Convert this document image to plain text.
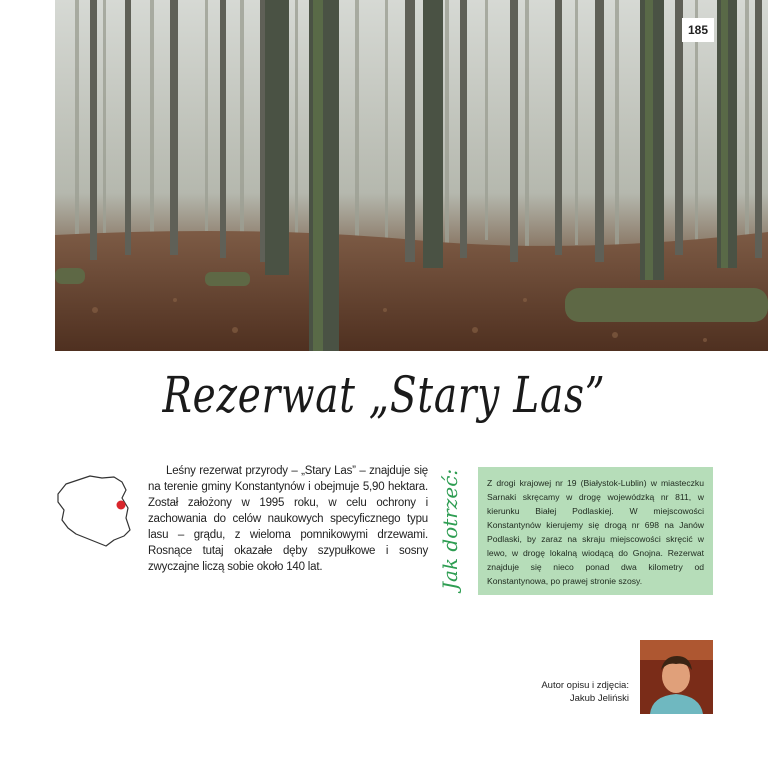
185
Rezerwat „Stary Las”
Leśny rezerwat przyrody – „Stary Las” – znajduje się na terenie gminy Konstantynów i obejmuje 5,90 hektara. Został założony w 1995 roku, w celu ochrony i zachowania do celów naukowych specyficznego typu lasu – grądu, z wieloma pomnikowymi drzewami. Rosnące tutaj okazałe dęby szypułkowe i sosny zwyczajne liczą sobie około 140 lat.	Jak dotrzeć:	Z drogi krajowej nr 19 (Białystok-Lublin) w miasteczku Sarnaki skręcamy w drogę wojewódzką nr 811, w kierunku Białej Podlaskiej. W miejscowości Konstantynów kierujemy się drogą nr 698 na Janów Podlaski, by zaraz na skraju miejscowości skręcić w lewo, w drogę lokalną wiodącą do Gnojna. Rezerwat znajduje się nieco ponad dwa kilometry od Konstantynowa, po prawej stronie szosy.
Autor opisu i zdjęcia:
Jakub Jeliński
